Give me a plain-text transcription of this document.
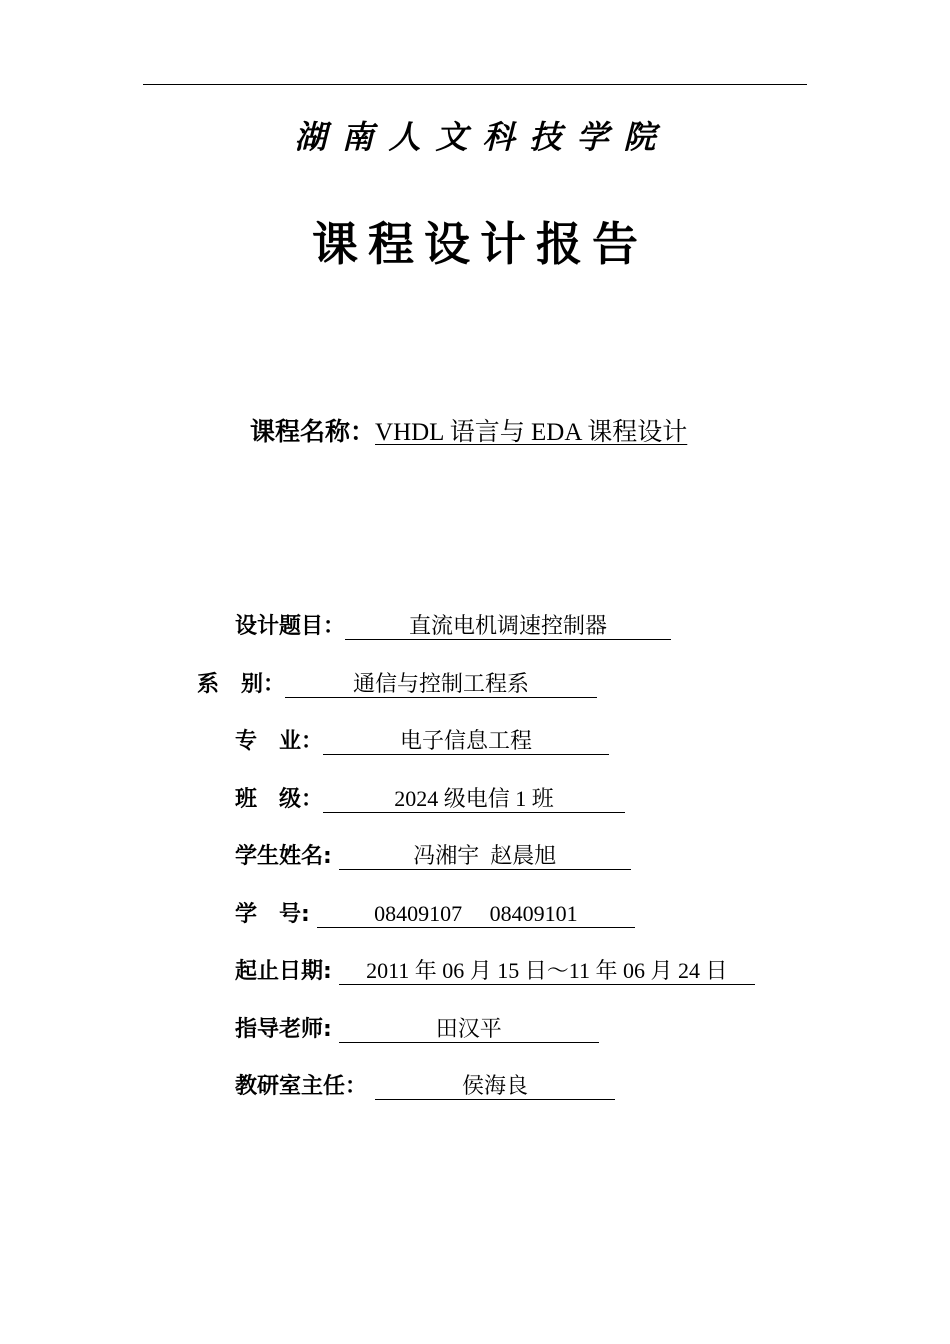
湖南人文科技学院
课程设计报告
课程名称：VHDL 语言与 EDA 课程设计

设计题目：	直流电机调速控制器

系　别：	通信与控制工程系

专　业：	电子信息工程

班　级：	2024 级电信 1 班

学生姓名:	冯湘宇  赵晨旭

学　号:	08409107     08409101

起止日期: 2011 年 06 月 15 日～11 年 06 月 24 日

指导老师:	田汉平

教研室主任：	侯海良
